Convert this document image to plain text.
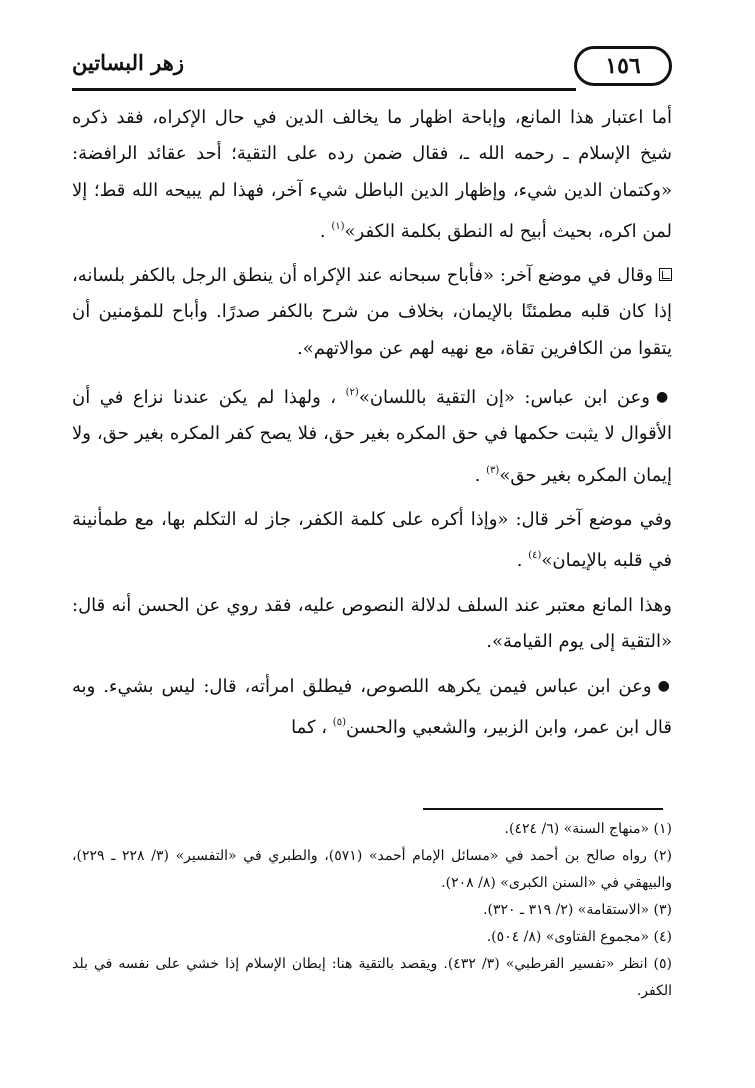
١٥٦
زهر البساتين

أما اعتبار هذا المانع، وإباحة اظهار ما يخالف الدين في حال الإكراه، فقد ذكره شيخ الإسلام ـ رحمه الله ـ، فقال ضمن رده على التقية؛ أحد عقائد الرافضة: «وكتمان الدين شيء، وإظهار الدين الباطل شيء آخر، فهذا لم يبيحه الله قط؛ إلا لمن اكره، بحيث أبيح له النطق بكلمة الكفر»$^{(١)}$ .

وقال في موضع آخر: «فأباح سبحانه عند الإكراه أن ينطق الرجل بالكفر بلسانه، إذا كان قلبه مطمئنًا بالإيمان، بخلاف من شرح بالكفر صدرًا. وأباح للمؤمنين أن يتقوا من الكافرين تقاة، مع نهيه لهم عن موالاتهم».

●وعن ابن عباس: «إن التقية باللسان»$^{(٢)}$ ، ولهذا لم يكن عندنا نزاع في أن الأقوال لا يثبت حكمها في حق المكره بغير حق، فلا يصح كفر المكره بغير حق، ولا إيمان المكره بغير حق»$^{(٣)}$ .

وفي موضع آخر قال: «وإذا أكره على كلمة الكفر، جاز له التكلم بها، مع طمأنينة في قلبه بالإيمان»$^{(٤)}$ .

وهذا المانع معتبر عند السلف لدلالة النصوص عليه، فقد روي عن الحسن أنه قال: «التقية إلى يوم القيامة».

●وعن ابن عباس فيمن يكرهه اللصوص، فيطلق امرأته، قال: ليس بشيء. وبه قال ابن عمر، وابن الزبير، والشعبي والحسن$^{(٥)}$ ، كما

(١) «منهاج السنة» (٦/ ٤٢٤).

(٢) رواه صالح بن أحمد في «مسائل الإمام أحمد» (٥٧١)، والطبري في «التفسير» (٣/ ٢٢٨ ـ ٢٢٩)، والبيهقي في «السنن الكبرى» (٨/ ٢٠٨).

(٣) «الاستقامة» (٢/ ٣١٩ ـ ٣٢٠).

(٤) «مجموع الفتاوى» (٨/ ٥٠٤).

(٥) انظر «تفسير القرطبي» (٣/ ٤٣٢). ويقصد بالتقية هنا: إبطان الإسلام إذا خشي على نفسه في بلد الكفر.
